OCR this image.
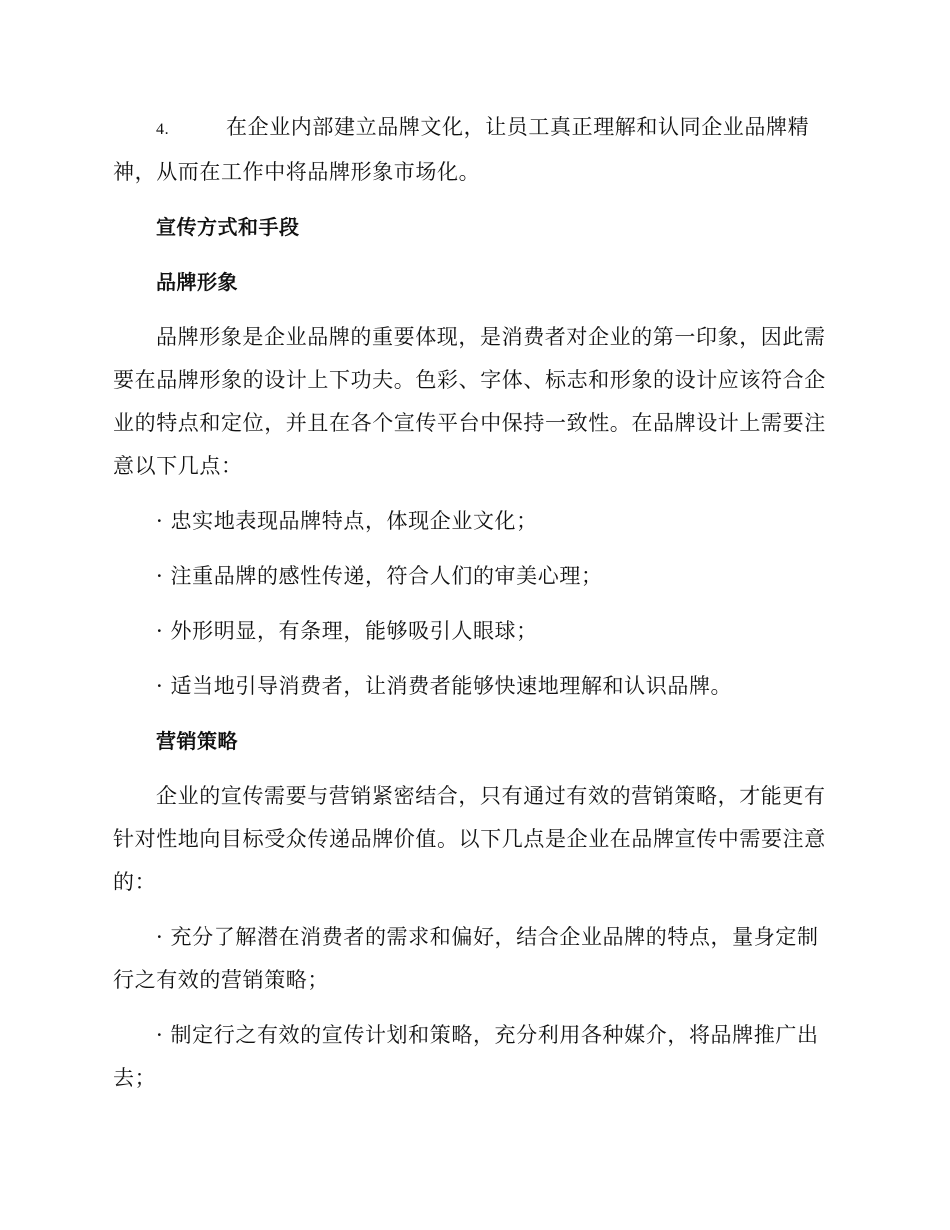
4.	在企业内部建立品牌文化，让员工真正理解和认同企业品牌精神，从而在工作中将品牌形象市场化。
宣传方式和手段
品牌形象

品牌形象是企业品牌的重要体现，是消费者对企业的第一印象，因此需要在品牌形象的设计上下功夫。色彩、字体、标志和形象的设计应该符合企业的特点和定位，并且在各个宣传平台中保持一致性。在品牌设计上需要注意以下几点：

· 忠实地表现品牌特点，体现企业文化；

· 注重品牌的感性传递，符合人们的审美心理；

· 外形明显，有条理，能够吸引人眼球；

· 适当地引导消费者，让消费者能够快速地理解和认识品牌。

营销策略

企业的宣传需要与营销紧密结合，只有通过有效的营销策略，才能更有针对性地向目标受众传递品牌价值。以下几点是企业在品牌宣传中需要注意的：

· 充分了解潜在消费者的需求和偏好，结合企业品牌的特点，量身定制行之有效的营销策略；

· 制定行之有效的宣传计划和策略，充分利用各种媒介，将品牌推广出去；
